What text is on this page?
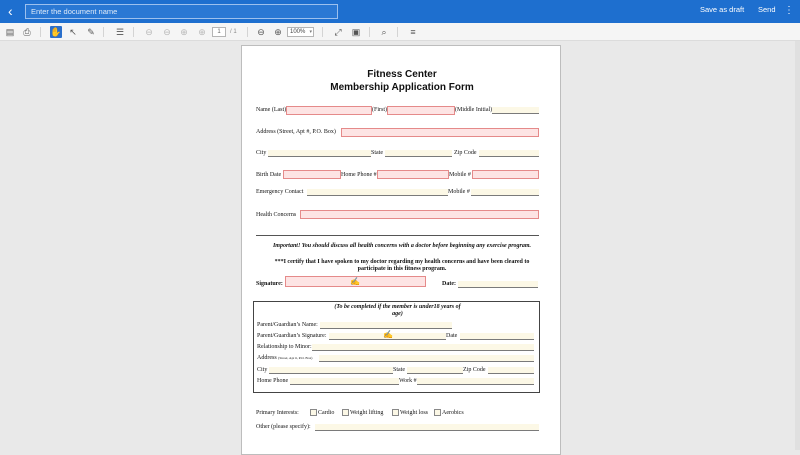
‹	Enter the document name	Save as draft Send ⋮
▤ ⎙ ✋ ↖ ✎ ☰ ⊖ ⊖ ⊕ ⊕	1	/ 1 ⊖ ⊕	100% ▾ ⤢ ▣	⌕	≡
Fitness Center
Membership Application Form
Name (Last)	(First)	(Middle Initial)
Address (Street, Apt #, P.O. Box)
City	State	Zip Code
Birth Date	Home Phone #	Mobile #
Emergency Contact	Mobile #
Health Concerns
Important! You should discuss all health concerns with a doctor before beginning any exercise program.
***I certify that I have spoken to my doctor regarding my health concerns and have been cleared to
participate in this fitness program.
Signature:	✍	Date:
(To be completed if the member is under18 years of
age)
Parent/Guardian’s Name:
Parent/Guardian’s Signature:	✍	Date
Relationship to Minor:
Address (Street, Apt #, P.O. Box)
City	State	Zip Code
Home Phone	Work #
Primary Interests:	Cardio	Weight lifting	Weight loss Aerobics
Other (please specify):
